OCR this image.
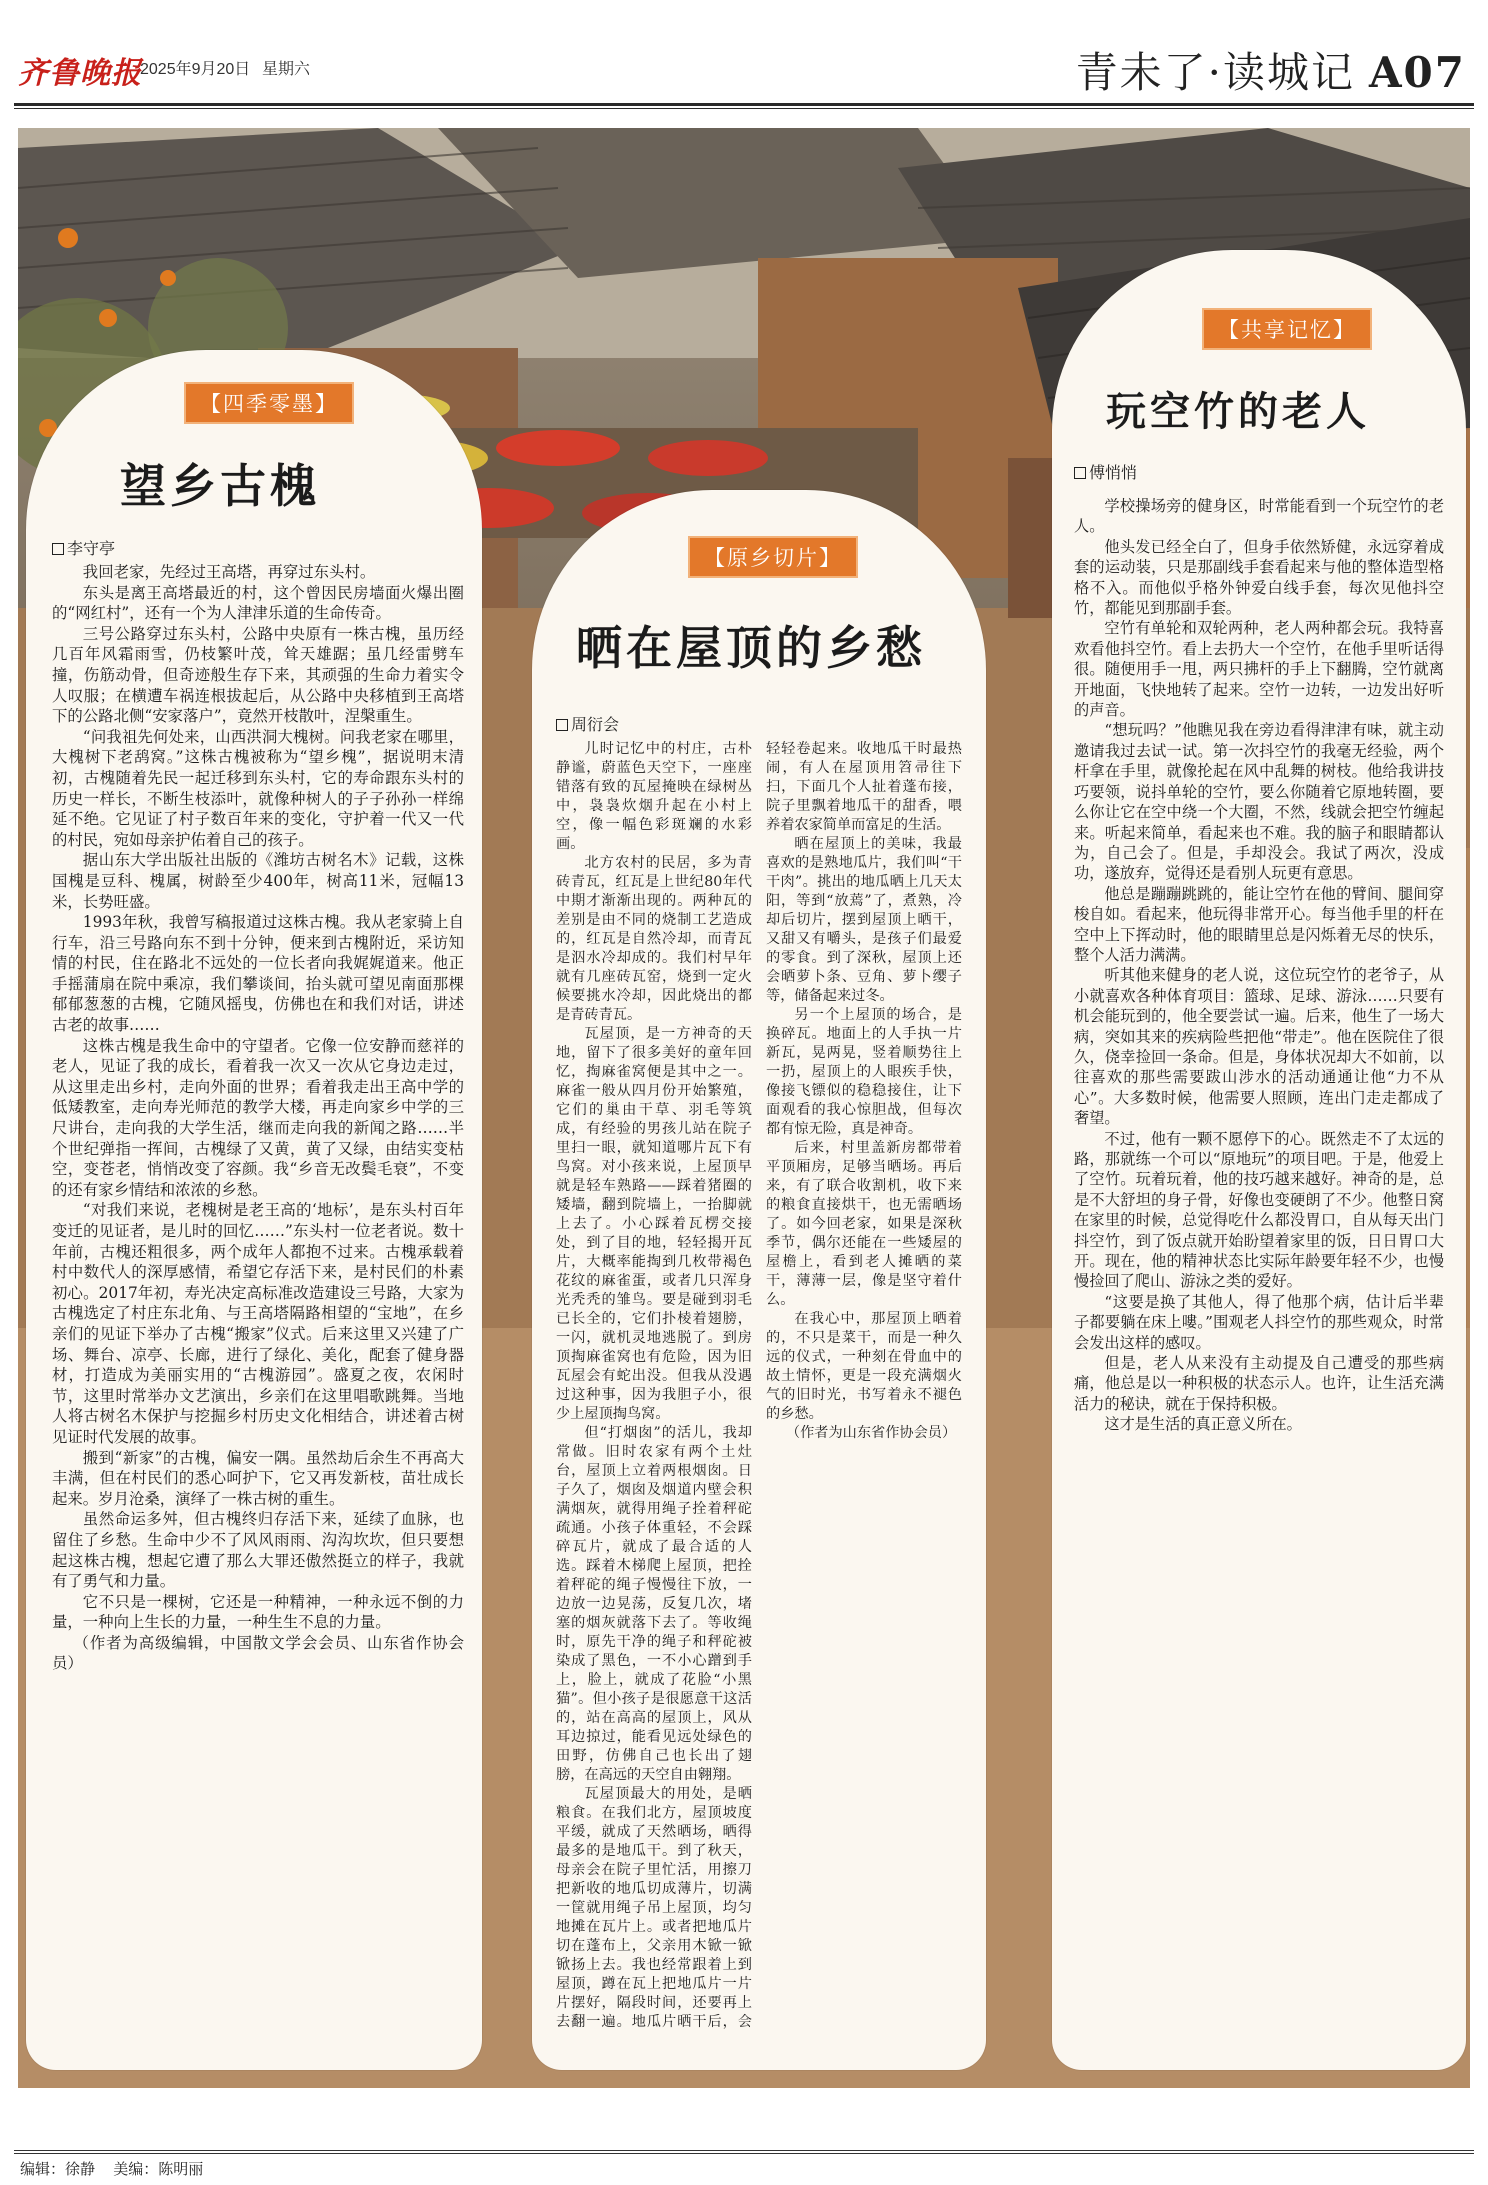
齐鲁晚报
2025年9月20日 星期六	青未了·读城记 A07
【四季零墨】
望乡古槐
李守亭

我回老家，先经过王高塔，再穿过东头村。

东头是离王高塔最近的村，这个曾因民房墙面火爆出圈的“网红村”，还有一个为人津津乐道的生命传奇。

三号公路穿过东头村，公路中央原有一株古槐，虽历经几百年风霜雨雪，仍枝繁叶茂，耸天雄踞；虽几经雷劈车撞，伤筋动骨，但奇迹般生存下来，其顽强的生命力着实令人叹服；在横遭车祸连根拔起后，从公路中央移植到王高塔下的公路北侧“安家落户”，竟然开枝散叶，涅槃重生。

“问我祖先何处来，山西洪洞大槐树。问我老家在哪里，大槐树下老鸹窝。”这株古槐被称为“望乡槐”，据说明末清初，古槐随着先民一起迁移到东头村，它的寿命跟东头村的历史一样长，不断生枝添叶，就像种树人的子子孙孙一样绵延不绝。它见证了村子数百年来的变化，守护着一代又一代的村民，宛如母亲护佑着自己的孩子。

据山东大学出版社出版的《潍坊古树名木》记载，这株国槐是豆科、槐属，树龄至少400年，树高11米，冠幅13米，长势旺盛。

1993年秋，我曾写稿报道过这株古槐。我从老家骑上自行车，沿三号路向东不到十分钟，便来到古槐附近，采访知情的村民，住在路北不远处的一位长者向我娓娓道来。他正手摇蒲扇在院中乘凉，我们攀谈间，抬头就可望见南面那棵郁郁葱葱的古槐，它随风摇曳，仿佛也在和我们对话，讲述古老的故事……

这株古槐是我生命中的守望者。它像一位安静而慈祥的老人，见证了我的成长，看着我一次又一次从它身边走过，从这里走出乡村，走向外面的世界；看着我走出王高中学的低矮教室，走向寿光师范的教学大楼，再走向家乡中学的三尺讲台，走向我的大学生活，继而走向我的新闻之路……半个世纪弹指一挥间，古槐绿了又黄，黄了又绿，由结实变枯空，变苍老，悄悄改变了容颜。我“乡音无改鬓毛衰”，不变的还有家乡情结和浓浓的乡愁。

“对我们来说，老槐树是老王高的‘地标’，是东头村百年变迁的见证者，是儿时的回忆……”东头村一位老者说。数十年前，古槐还粗很多，两个成年人都抱不过来。古槐承载着村中数代人的深厚感情，希望它存活下来，是村民们的朴素初心。2017年初，寿光决定高标准改造建设三号路，大家为古槐选定了村庄东北角、与王高塔隔路相望的“宝地”，在乡亲们的见证下举办了古槐“搬家”仪式。后来这里又兴建了广场、舞台、凉亭、长廊，进行了绿化、美化，配套了健身器材，打造成为美丽实用的“古槐游园”。盛夏之夜，农闲时节，这里时常举办文艺演出，乡亲们在这里唱歌跳舞。当地人将古树名木保护与挖掘乡村历史文化相结合，讲述着古树见证时代发展的故事。

搬到“新家”的古槐，偏安一隅。虽然劫后余生不再高大丰满，但在村民们的悉心呵护下，它又再发新枝，苗壮成长起来。岁月沧桑，演绎了一株古树的重生。

虽然命运多舛，但古槐终归存活下来，延续了血脉，也留住了乡愁。生命中少不了风风雨雨、沟沟坎坎，但只要想起这株古槐，想起它遭了那么大罪还傲然挺立的样子，我就有了勇气和力量。

它不只是一棵树，它还是一种精神，一种永远不倒的力量，一种向上生长的力量，一种生生不息的力量。

（作者为高级编辑，中国散文学会会员、山东省作协会员）

【原乡切片】
晒在屋顶的乡愁
周衍会

儿时记忆中的村庄，古朴静谧，蔚蓝色天空下，一座座错落有致的瓦屋掩映在绿树丛中，袅袅炊烟升起在小村上空，像一幅色彩斑斓的水彩画。

北方农村的民居，多为青砖青瓦，红瓦是上世纪80年代中期才渐渐出现的。两种瓦的差别是由不同的烧制工艺造成的，红瓦是自然冷却，而青瓦是泅水冷却成的。我们村早年就有几座砖瓦窑，烧到一定火候要挑水冷却，因此烧出的都是青砖青瓦。

瓦屋顶，是一方神奇的天地，留下了很多美好的童年回忆，掏麻雀窝便是其中之一。麻雀一般从四月份开始繁殖，它们的巢由干草、羽毛等筑成，有经验的男孩儿站在院子里扫一眼，就知道哪片瓦下有鸟窝。对小孩来说，上屋顶早就是轻车熟路——踩着猪圈的矮墙，翻到院墙上，一抬脚就上去了。小心踩着瓦楞交接处，到了目的地，轻轻揭开瓦片，大概率能掏到几枚带褐色花纹的麻雀蛋，或者几只浑身光秃秃的雏鸟。要是碰到羽毛已长全的，它们扑棱着翅膀，一闪，就机灵地逃脱了。到房顶掏麻雀窝也有危险，因为旧瓦屋会有蛇出没。但我从没遇过这种事，因为我胆子小，很少上屋顶掏鸟窝。

但“打烟囱”的活儿，我却常做。旧时农家有两个土灶台，屋顶上立着两根烟囱。日子久了，烟囱及烟道内壁会积满烟灰，就得用绳子拴着秤砣疏通。小孩子体重轻，不会踩碎瓦片，就成了最合适的人选。踩着木梯爬上屋顶，把拴着秤砣的绳子慢慢往下放，一边放一边晃荡，反复几次，堵塞的烟灰就落下去了。等收绳时，原先干净的绳子和秤砣被染成了黑色，一不小心蹭到手上，脸上，就成了花脸“小黑猫”。但小孩子是很愿意干这活的，站在高高的屋顶上，风从耳边掠过，能看见远处绿色的田野，仿佛自己也长出了翅膀，在高远的天空自由翱翔。

瓦屋顶最大的用处，是晒粮食。在我们北方，屋顶坡度平缓，就成了天然晒场，晒得最多的是地瓜干。到了秋天，母亲会在院子里忙活，用擦刀把新收的地瓜切成薄片，切满一筐就用绳子吊上屋顶，均匀地摊在瓦片上。或者把地瓜片切在蓬布上，父亲用木锨一锨锨扬上去。我也经常跟着上到屋顶，蹲在瓦上把地瓜片一片片摆好，隔段时间，还要再上去翻一遍。地瓜片晒干后，会轻轻卷起来。收地瓜干时最热闹，有人在屋顶用笤帚往下扫，下面几个人扯着蓬布接，院子里飘着地瓜干的甜香，喂养着农家简单而富足的生活。

晒在屋顶上的美味，我最喜欢的是熟地瓜片，我们叫“干干肉”。挑出的地瓜晒上几天太阳，等到“放蔫”了，煮熟，冷却后切片，摆到屋顶上晒干，又甜又有嚼头，是孩子们最爱的零食。到了深秋，屋顶上还会晒萝卜条、豆角、萝卜缨子等，储备起来过冬。

另一个上屋顶的场合，是换碎瓦。地面上的人手执一片新瓦，晃两晃，竖着顺势往上一扔，屋顶上的人眼疾手快，像接飞镖似的稳稳接住，让下面观看的我心惊胆战，但每次都有惊无险，真是神奇。

后来，村里盖新房都带着平顶厢房，足够当晒场。再后来，有了联合收割机，收下来的粮食直接烘干，也无需晒场了。如今回老家，如果是深秋季节，偶尔还能在一些矮屋的屋檐上，看到老人摊晒的菜干，薄薄一层，像是坚守着什么。

在我心中，那屋顶上晒着的，不只是菜干，而是一种久远的仪式，一种刻在骨血中的故土情怀，更是一段充满烟火气的旧时光，书写着永不褪色的乡愁。

（作者为山东省作协会员）

【共享记忆】
玩空竹的老人
傅悄悄

学校操场旁的健身区，时常能看到一个玩空竹的老人。

他头发已经全白了，但身手依然矫健，永远穿着成套的运动装，只是那副线手套看起来与他的整体造型格格不入。而他似乎格外钟爱白线手套，每次见他抖空竹，都能见到那副手套。

空竹有单轮和双轮两种，老人两种都会玩。我特喜欢看他抖空竹。看上去扔大一个空竹，在他手里听话得很。随便用手一甩，两只拂杆的手上下翻腾，空竹就离开地面，飞快地转了起来。空竹一边转，一边发出好听的声音。

“想玩吗？”他瞧见我在旁边看得津津有味，就主动邀请我过去试一试。第一次抖空竹的我毫无经验，两个杆拿在手里，就像抡起在风中乱舞的树枝。他给我讲技巧要领，说抖单轮的空竹，要么你随着它原地转圈，要么你让它在空中绕一个大圈，不然，线就会把空竹缠起来。听起来简单，看起来也不难。我的脑子和眼睛都认为，自己会了。但是，手却没会。我试了两次，没成功，遂放弃，觉得还是看别人玩更有意思。

他总是蹦蹦跳跳的，能让空竹在他的臂间、腿间穿梭自如。看起来，他玩得非常开心。每当他手里的杆在空中上下挥动时，他的眼睛里总是闪烁着无尽的快乐，整个人活力满满。

听其他来健身的老人说，这位玩空竹的老爷子，从小就喜欢各种体育项目：篮球、足球、游泳……只要有机会能玩到的，他全要尝试一遍。后来，他生了一场大病，突如其来的疾病险些把他“带走”。他在医院住了很久，侥幸捡回一条命。但是，身体状况却大不如前，以往喜欢的那些需要跋山涉水的活动通通让他“力不从心”。大多数时候，他需要人照顾，连出门走走都成了奢望。

不过，他有一颗不愿停下的心。既然走不了太远的路，那就练一个可以“原地玩”的项目吧。于是，他爱上了空竹。玩着玩着，他的技巧越来越好。神奇的是，总是不大舒坦的身子骨，好像也变硬朗了不少。他整日窝在家里的时候，总觉得吃什么都没胃口，自从每天出门抖空竹，到了饭点就开始盼望着家里的饭，日日胃口大开。现在，他的精神状态比实际年龄要年轻不少，也慢慢捡回了爬山、游泳之类的爱好。

“这要是换了其他人，得了他那个病，估计后半辈子都要躺在床上嘍。”围观老人抖空竹的那些观众，时常会发出这样的感叹。

但是，老人从来没有主动提及自己遭受的那些病痛，他总是以一种积极的状态示人。也许，让生活充满活力的秘诀，就在于保持积极。

这才是生活的真正意义所在。

编辑：徐静 美编：陈明丽
